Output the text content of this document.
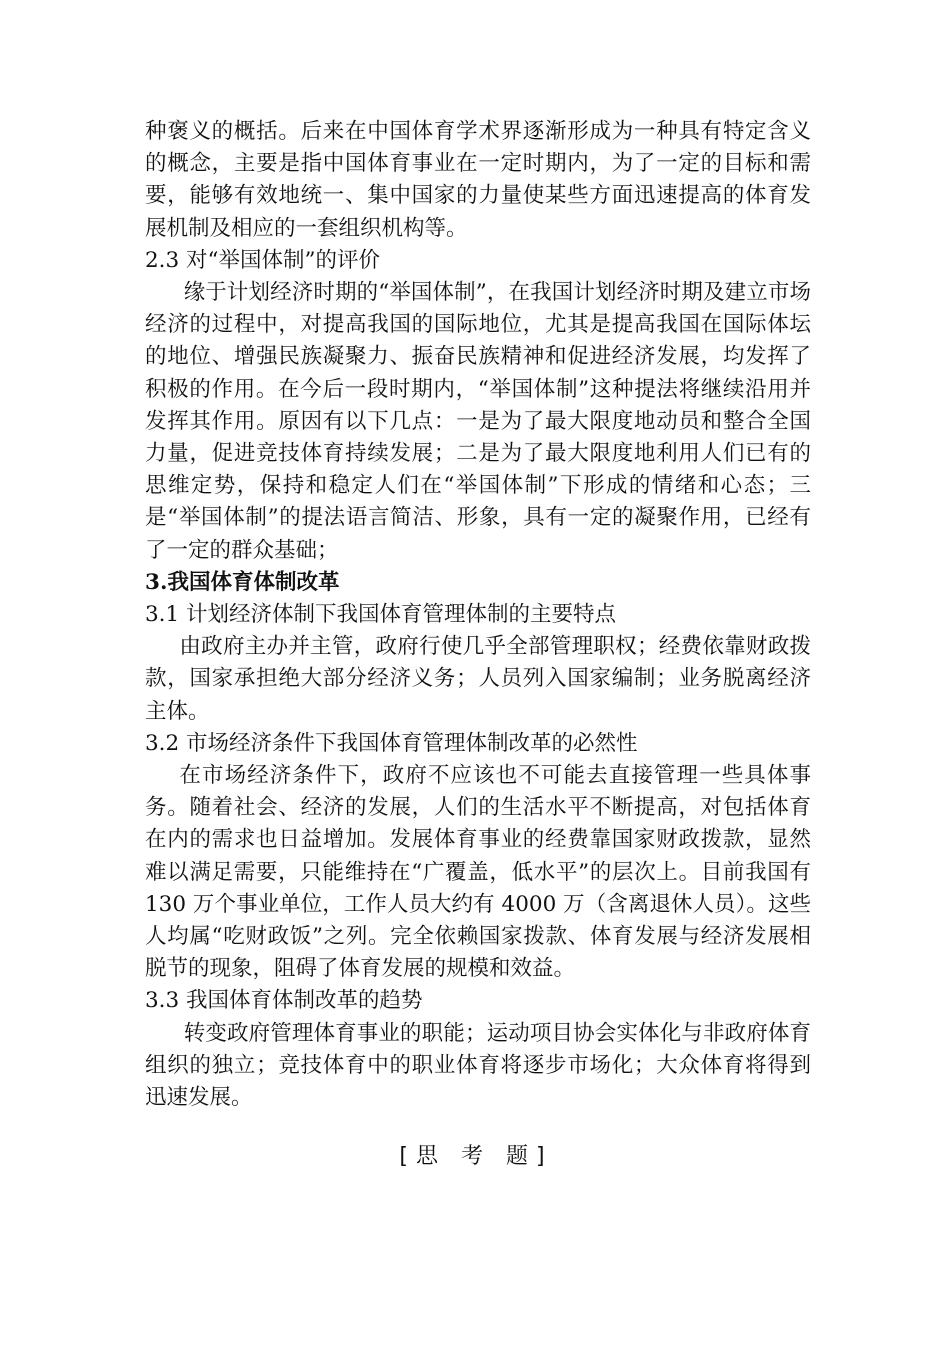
种褒义的概括。后来在中国体育学术界逐渐形成为一种具有特定含义的概念，主要是指中国体育事业在一定时期内，为了一定的目标和需要，能够有效地统一、集中国家的力量使某些方面迅速提高的体育发展机制及相应的一套组织机构等。

2.3 对“举国体制”的评价

缘于计划经济时期的“举国体制”，在我国计划经济时期及建立市场经济的过程中，对提高我国的国际地位，尤其是提高我国在国际体坛的地位、增强民族凝聚力、振奋民族精神和促进经济发展，均发挥了积极的作用。在今后一段时期内，“举国体制”这种提法将继续沿用并发挥其作用。原因有以下几点：一是为了最大限度地动员和整合全国力量，促进竞技体育持续发展；二是为了最大限度地利用人们已有的思维定势，保持和稳定人们在“举国体制”下形成的情绪和心态；三是“举国体制”的提法语言简洁、形象，具有一定的凝聚作用，已经有了一定的群众基础；

3.我国体育体制改革

3.1 计划经济体制下我国体育管理体制的主要特点

由政府主办并主管，政府行使几乎全部管理职权；经费依靠财政拨款，国家承担绝大部分经济义务；人员列入国家编制；业务脱离经济主体。

3.2 市场经济条件下我国体育管理体制改革的必然性

在市场经济条件下，政府不应该也不可能去直接管理一些具体事务。随着社会、经济的发展，人们的生活水平不断提高，对包括体育在内的需求也日益增加。发展体育事业的经费靠国家财政拨款，显然难以满足需要，只能维持在“广覆盖，低水平”的层次上。目前我国有 130 万个事业单位，工作人员大约有 4000 万（含离退休人员）。这些人均属“吃财政饭”之列。完全依赖国家拨款、体育发展与经济发展相脱节的现象，阻碍了体育发展的规模和效益。

3.3 我国体育体制改革的趋势

转变政府管理体育事业的职能；运动项目协会实体化与非政府体育组织的独立；竞技体育中的职业体育将逐步市场化；大众体育将得到迅速发展。

[思 考 题]
